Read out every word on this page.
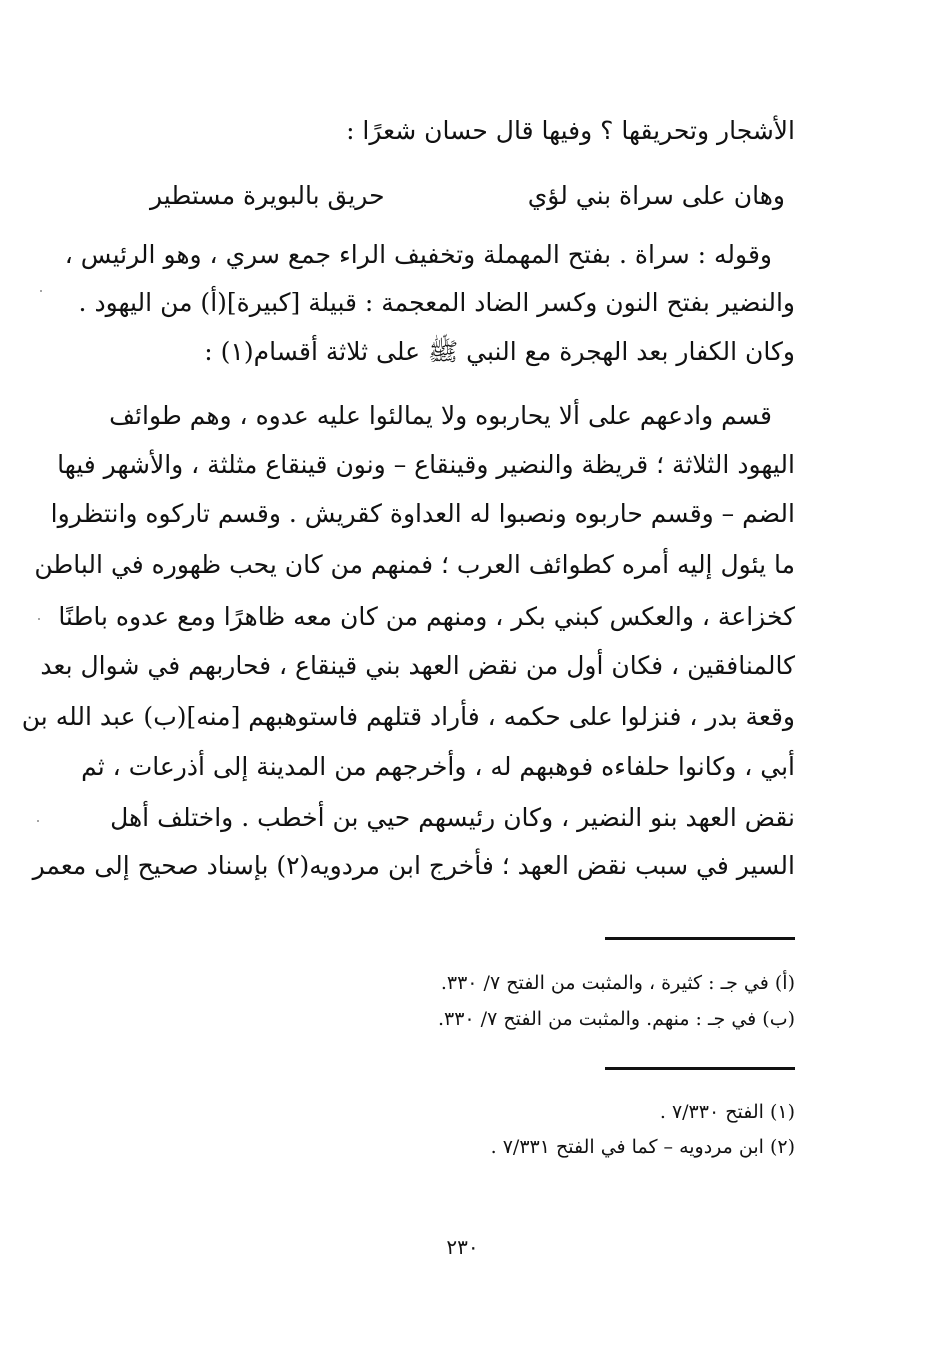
الأشجار وتحريقها ؟ وفيها قال حسان شعرًا :
وهان على سراة بني لؤي
حريق بالبويرة مستطير
وقوله : سراة . بفتح المهملة وتخفيف الراء جمع سري ، وهو الرئيس ،
والنضير بفتح النون وكسر الضاد المعجمة : قبيلة [كبيرة](أ) من اليهود .
وكان الكفار بعد الهجرة مع النبي ﷺ على ثلاثة أقسام(١) :
قسم وادعهم على ألا يحاربوه ولا يمالئوا عليه عدوه ، وهم طوائف
اليهود الثلاثة ؛ قريظة والنضير وقينقاع – ونون قينقاع مثلثة ، والأشهر فيها
الضم – وقسم حاربوه ونصبوا له العداوة كقريش . وقسم تاركوه وانتظروا
ما يئول إليه أمره كطوائف العرب ؛ فمنهم من كان يحب ظهوره في الباطن
كخزاعة ، والعكس كبني بكر ، ومنهم من كان معه ظاهرًا ومع عدوه باطنًا
كالمنافقين ، فكان أول من نقض العهد بني قينقاع ، فحاربهم في شوال بعد
وقعة بدر ، فنزلوا على حكمه ، فأراد قتلهم فاستوهبهم [منه](ب) عبد الله بن
أبي ، وكانوا حلفاءه فوهبهم له ، وأخرجهم من المدينة إلى أذرعات ، ثم
نقض العهد بنو النضير ، وكان رئيسهم حيي بن أخطب . واختلف أهل
السير في سبب نقض العهد ؛ فأخرج ابن مردويه(٢) بإسناد صحيح إلى معمر
(أ) في جـ : كثيرة ، والمثبت من الفتح ٧/ ٣٣٠.
(ب) في جـ : منهم. والمثبت من الفتح ٧/ ٣٣٠.
(١) الفتح ٧/٣٣٠ .
(٢) ابن مردويه – كما في الفتح ٧/٣٣١ .
٢٣٠
